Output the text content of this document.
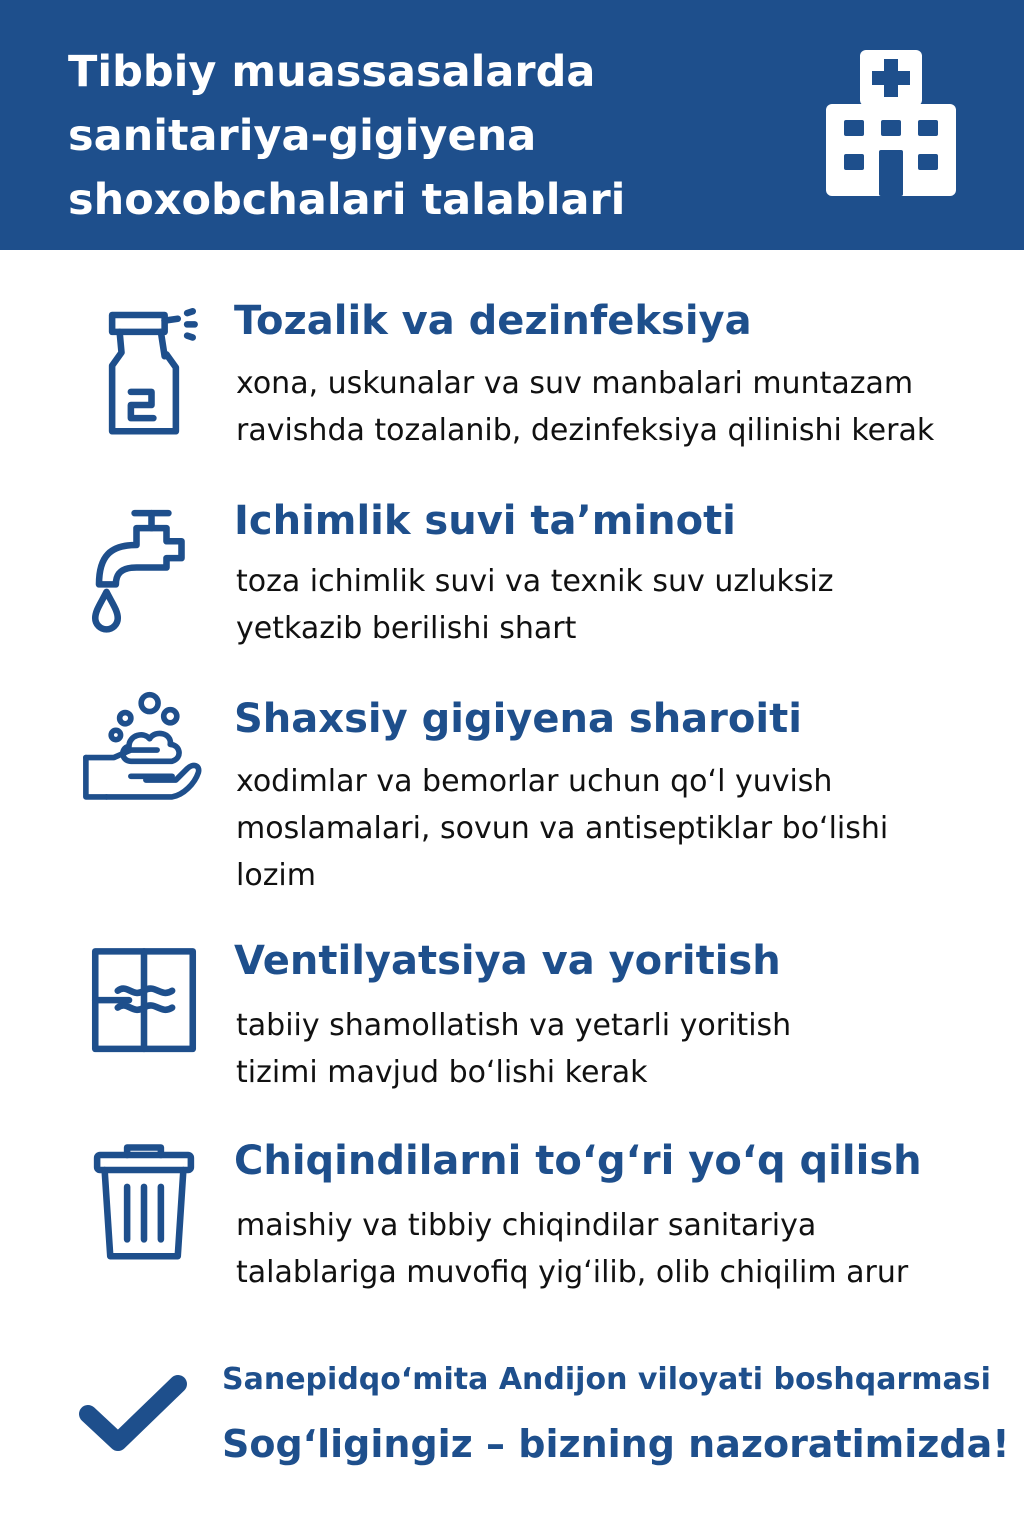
Tibbiy muassasalarda
sanitariya-gigiyena
shoxobchalari talablari
Tozalik va dezinfeksiya
xona, uskunalar va suv manbalari muntazam
ravishda tozalanib, dezinfeksiya qilinishi kerak
Ichimlik suvi ta’minoti
toza ichimlik suvi va texnik suv uzluksiz
yetkazib berilishi shart
Shaxsiy gigiyena sharoiti
xodimlar va bemorlar uchun qo‘l yuvish
moslamalari, sovun va antiseptiklar bo‘lishi
lozim
Ventilyatsiya va yoritish
tabiiy shamollatish va yetarli yoritish
tizimi mavjud bo‘lishi kerak
Chiqindilarni to‘g‘ri yo‘q qilish
maishiy va tibbiy chiqindilar sanitariya
talablariga muvofiq yig‘ilib, olib chiqilim arur
Sanepidqo‘mita Andijon viloyati boshqarmasi
Sog‘ligingiz – bizning nazoratimizda!
